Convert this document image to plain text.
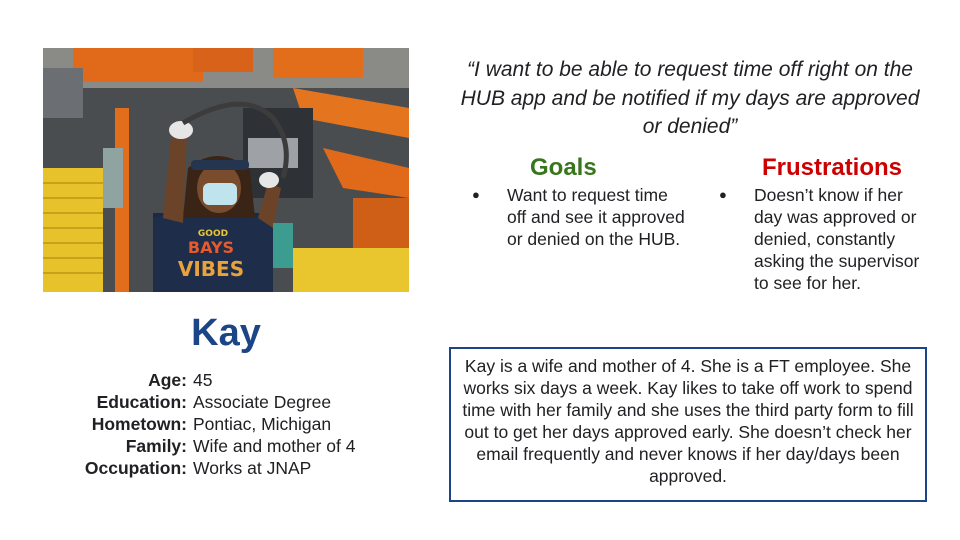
GOOD
BAYS
VIBES
Kay
Age: 45
Education: Associate Degree
Hometown: Pontiac, Michigan
Family: Wife and mother of 4
Occupation: Works at JNAP
“I want to be able to request time off right on the HUB app and be notified if my days are approved or denied”
Goals	Frustrations
●	Want to request time off and see it approved or denied on the HUB.
●	Doesn’t know if her day was approved or denied, constantly asking the supervisor to see for her.
Kay is a wife and mother of 4. She is a FT employee. She works six days a week. Kay likes to take off work to spend time with her family and she uses the third party form to fill out to get her days approved early. She doesn’t check her email frequently and never knows if her day/days been approved.
